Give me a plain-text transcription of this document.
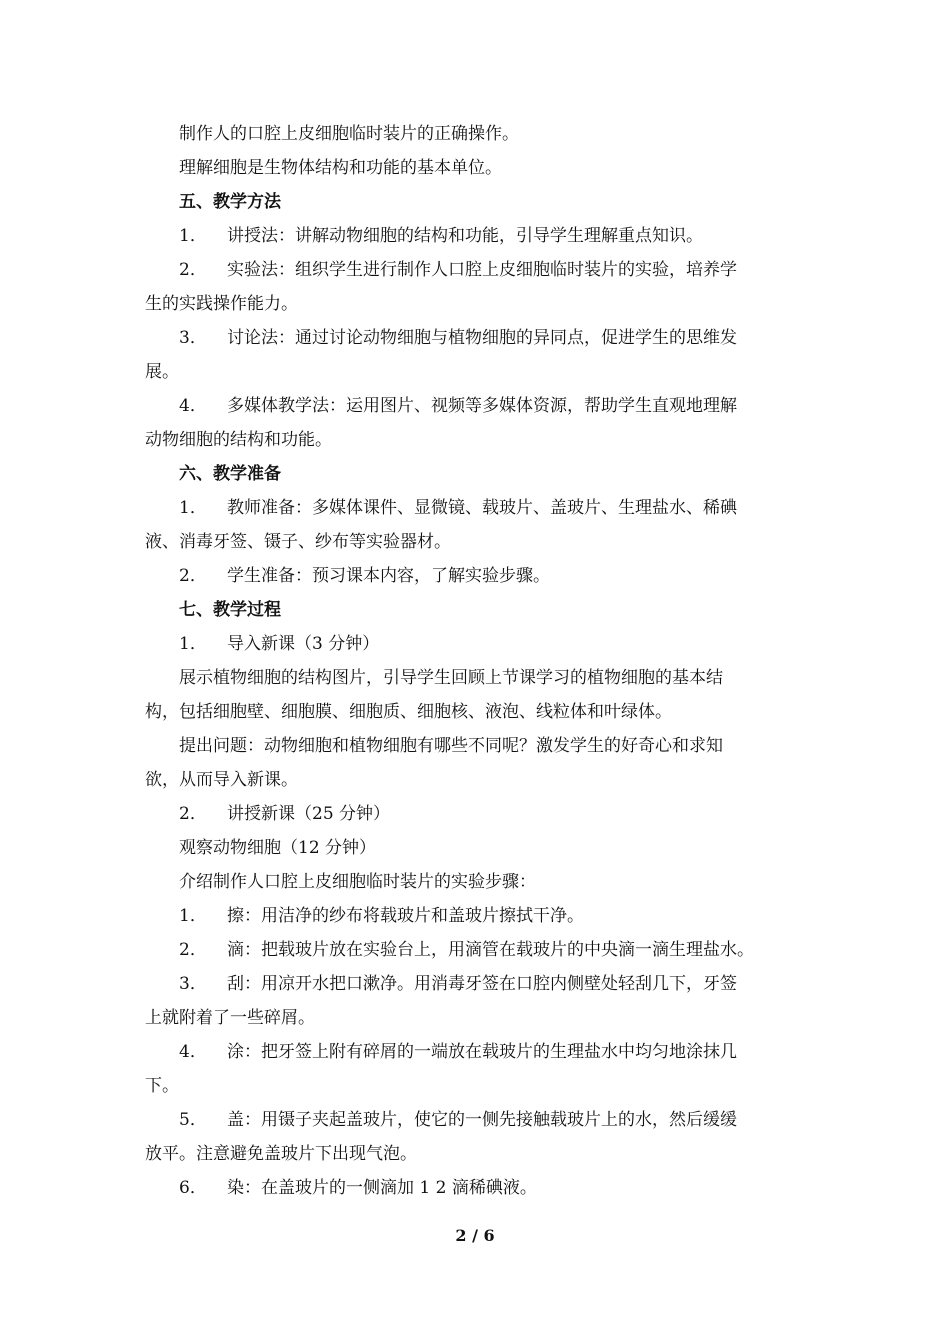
制作人的口腔上皮细胞临时装片的正确操作。
理解细胞是生物体结构和功能的基本单位。
五、教学方法
1． 讲授法：讲解动物细胞的结构和功能，引导学生理解重点知识。
2． 实验法：组织学生进行制作人口腔上皮细胞临时装片的实验，培养学
生的实践操作能力。
3． 讨论法：通过讨论动物细胞与植物细胞的异同点，促进学生的思维发
展。
4． 多媒体教学法：运用图片、视频等多媒体资源，帮助学生直观地理解
动物细胞的结构和功能。
六、教学准备
1． 教师准备：多媒体课件、显微镜、载玻片、盖玻片、生理盐水、稀碘
液、消毒牙签、镊子、纱布等实验器材。
2． 学生准备：预习课本内容，了解实验步骤。
七、教学过程
1． 导入新课（3 分钟）
展示植物细胞的结构图片，引导学生回顾上节课学习的植物细胞的基本结
构，包括细胞壁、细胞膜、细胞质、细胞核、液泡、线粒体和叶绿体。
提出问题：动物细胞和植物细胞有哪些不同呢？激发学生的好奇心和求知
欲，从而导入新课。
2． 讲授新课（25 分钟）
观察动物细胞（12 分钟）
介绍制作人口腔上皮细胞临时装片的实验步骤：
1． 擦：用洁净的纱布将载玻片和盖玻片擦拭干净。
2． 滴：把载玻片放在实验台上，用滴管在载玻片的中央滴一滴生理盐水。
3． 刮：用凉开水把口漱净。用消毒牙签在口腔内侧壁处轻刮几下，牙签
上就附着了一些碎屑。
4． 涂：把牙签上附有碎屑的一端放在载玻片的生理盐水中均匀地涂抹几
下。
5． 盖：用镊子夹起盖玻片，使它的一侧先接触载玻片上的水，然后缓缓
放平。注意避免盖玻片下出现气泡。
6． 染：在盖玻片的一侧滴加 1 2 滴稀碘液。
2 / 6
